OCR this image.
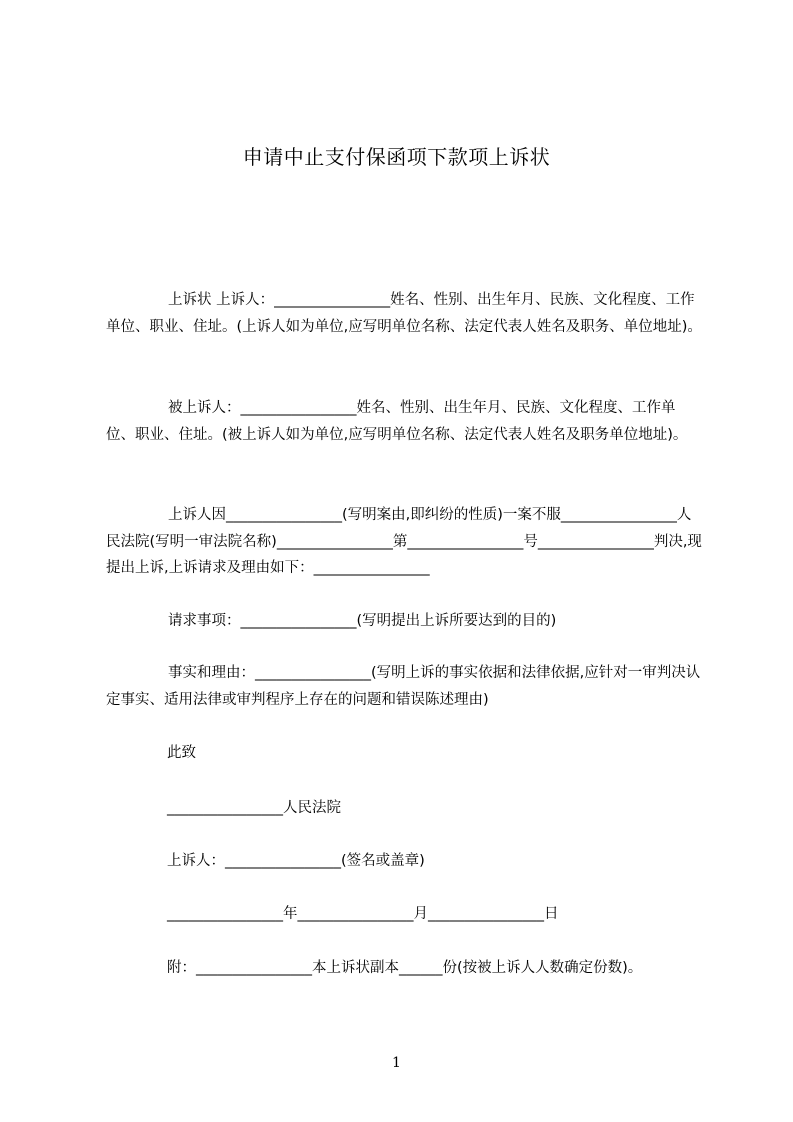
申请中止支付保函项下款项上诉状
上诉状 上诉人：________________姓名、性别、出生年月、民族、文化程度、工作单位、职业、住址。(上诉人如为单位,应写明单位名称、法定代表人姓名及职务、单位地址)。
被上诉人：________________姓名、性别、出生年月、民族、文化程度、工作单位、职业、住址。(被上诉人如为单位,应写明单位名称、法定代表人姓名及职务单位地址)。
上诉人因________________(写明案由,即纠纷的性质)一案不服________________人民法院(写明一审法院名称)________________第________________号________________判决,现提出上诉,上诉请求及理由如下：________________
请求事项：________________(写明提出上诉所要达到的目的)
事实和理由：________________(写明上诉的事实依据和法律依据,应针对一审判决认定事实、适用法律或审判程序上存在的问题和错误陈述理由)
此致
________________人民法院
上诉人：________________(签名或盖章)
________________年________________月________________日
附：________________本上诉状副本______份(按被上诉人人数确定份数)。
1
